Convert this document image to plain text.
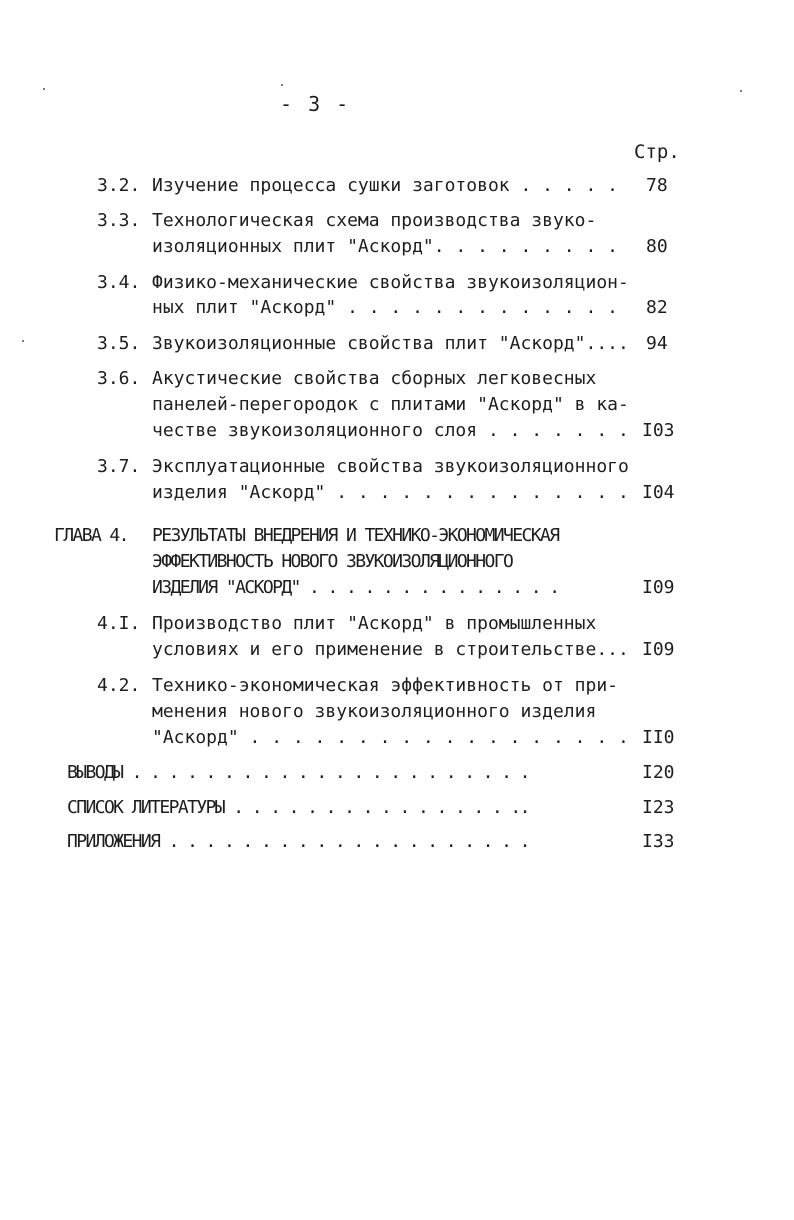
- 3 -
Стр.
3.2. Изучение процесса сушки заготовок . . . . . 78
3.3. Технологическая схема производства звуко-
изоляционных плит "Аскорд". . . . . . . . . 80
3.4. Физико-механические свойства звукоизоляцион-
ных плит "Аскорд" . . . . . . . . . . . . . 82
3.5. Звукоизоляционные свойства плит "Аскорд".... 94
3.6. Акустические свойства сборных легковесных
панелей-перегородок с плитами "Аскорд" в ка-
честве звукоизоляционного слоя . . . . . . . I03
3.7. Эксплуатационные свойства звукоизоляционного
изделия "Аскорд" . . . . . . . . . . . . . . I04
ГЛАВА 4. РЕЗУЛЬТАТЫ ВНЕДРЕНИЯ И ТЕХНИКО-ЭКОНОМИЧЕСКАЯ
ЭФФЕКТИВНОСТЬ НОВОГО ЗВУКОИЗОЛЯЦИОННОГО
ИЗДЕЛИЯ "АСКОРД" . . . . . . . . . . . . . .	I09
4.I. Производство плит "Аскорд" в промышленных
условиях и его применение в строительстве... I09
4.2. Технико-экономическая эффективность от при-
менения нового звукоизоляционного изделия
"Аскорд" . . . . . . . . . . . . . . . . . . II0
ВЫВОДЫ . . . . . . . . . . . . . . . . . . . . . .	I20
СПИСОК ЛИТЕРАТУРЫ . . . . . . . . . . . . . . . ..	I23
ПРИЛОЖЕНИЯ . . . . . . . . . . . . . . . . . . . .	I33
